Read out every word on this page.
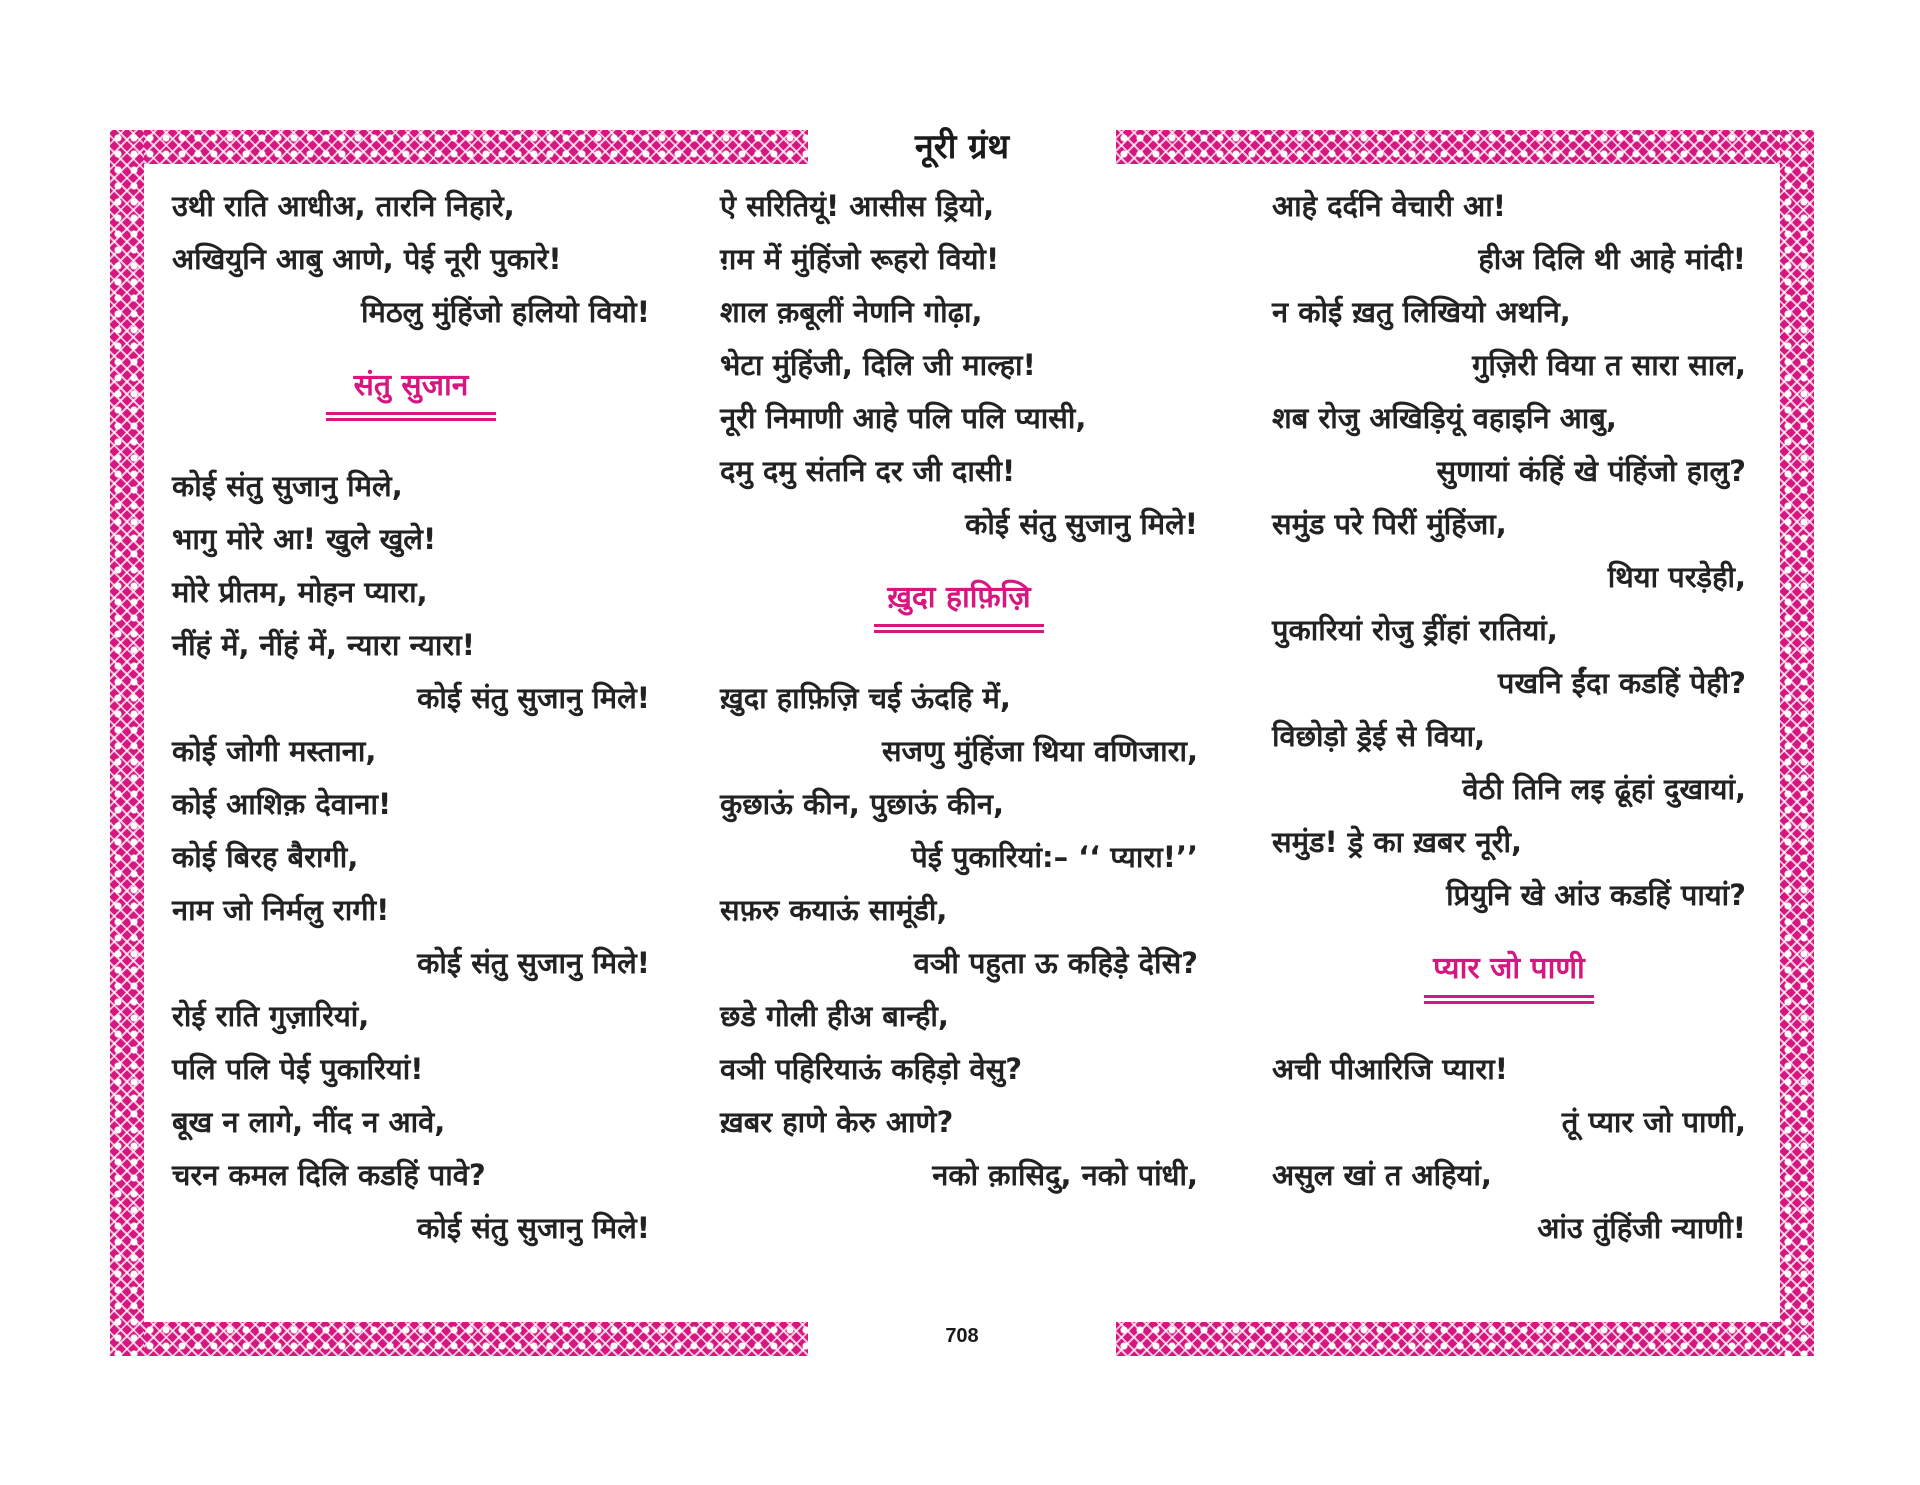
नूरी ग्रंथ
उथी राति आधीअ, तारनि निहारे,
अखियुनि आबु आणे, पेई नूरी पुकारे!
मिठलु मुंहिंजो हलियो वियो!
संतु सुजान
कोई संतु सुजानु मिले,
भागु मोरे आ! खुले खुले!
मोरे प्रीतम, मोहन प्यारा,
नींहं में, नींहं में, न्यारा न्यारा!
कोई संतु सुजानु मिले!
कोई जोगी मस्ताना,
कोई आशिक़ देवाना!
कोई बिरह बैरागी,
नाम जो निर्मलु रागी!
कोई संतु सुजानु मिले!
रोई राति गुज़ारियां,
पलि पलि पेई पुकारियां!
बूख न लागे, नींद न आवे,
चरन कमल दिलि कडहिं पावे?
कोई संतु सुजानु मिले!
ऐ सरितियूं! आसीस ड्रियो,
ग़म में मुंहिंजो रूहरो वियो!
शाल क़बूलीं नेणनि गोढ़ा,
भेटा मुंहिंजी, दिलि जी माल्हा!
नूरी निमाणी आहे पलि पलि प्यासी,
दमु दमु संतनि दर जी दासी!
कोई संतु सुजानु मिले!
ख़ुदा हाफ़िज़ि
ख़ुदा हाफ़िज़ि चई ऊंदहि में,
सजणु मुंहिंजा थिया वणिजारा,
कुछाऊं कीन, पुछाऊं कीन,
पेई पुकारियां:– ‘‘ प्यारा!’’
सफ़रु कयाऊं सामूंडी,
वञी पहुता ऊ कहिड़े देसि?
छडे गोली हीअ बान्ही,
वञी पहिरियाऊं कहिड़ो वेसु?
ख़बर हाणे केरु आणे?
नको क़ासिदु, नको पांधी,
आहे दर्दनि वेचारी आ!
हीअ दिलि थी आहे मांदी!
न कोई ख़तु लिखियो अथनि,
गुज़िरी विया त सारा साल,
शब रोजु अखिड़ियूं वहाइनि आबु,
सुणायां कंहिं खे पंहिंजो हालु?
समुंड परे पिरीं मुंहिंजा,
थिया परड़ेही,
पुकारियां रोजु ड्रींहां रातियां,
पखनि ईंदा कडहिं पेही?
विछोड़ो ड्रेई से विया,
वेठी तिनि लइ ढूंहां दुखायां,
समुंड! ड्रे का ख़बर नूरी,
प्रियुनि खे आंउ कडहिं पायां?
प्यार जो पाणी
अची पीआरिजि प्यारा!
तूं प्यार जो पाणी,
असुल खां त अहियां,
आंउ तुंहिंजी न्याणी!
708
